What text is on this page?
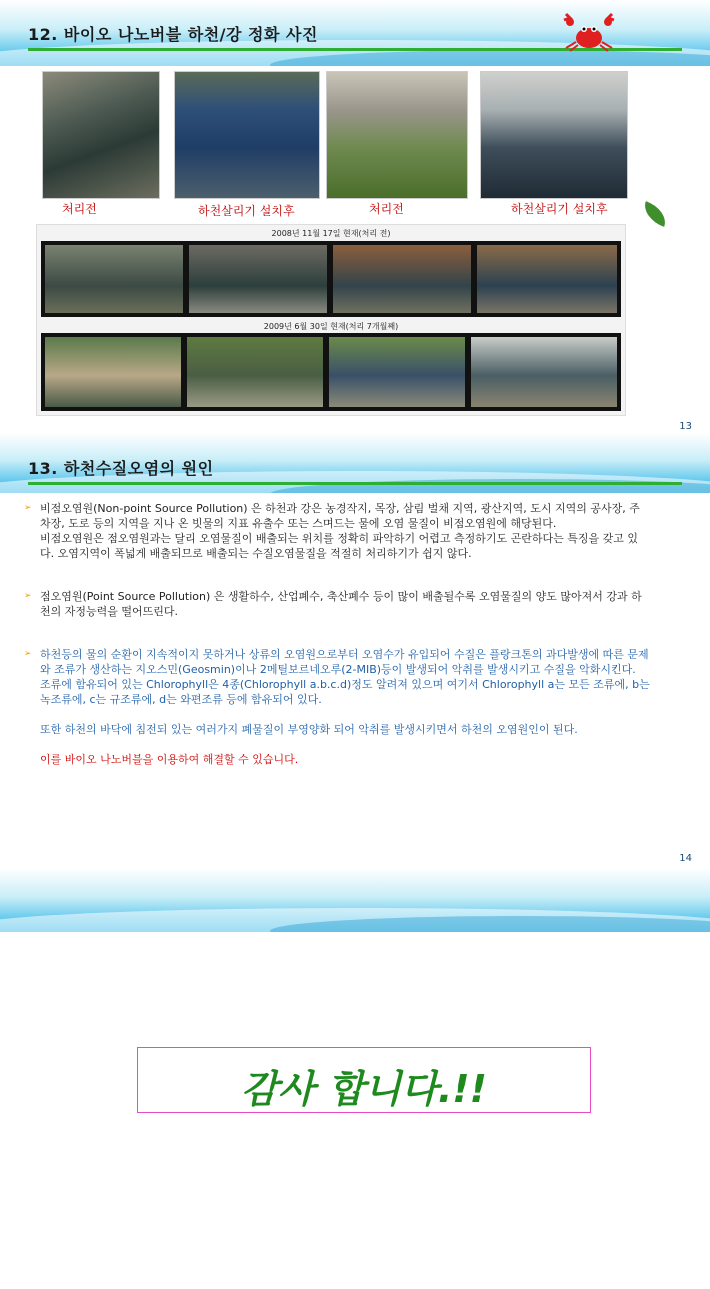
12. 바이오 나노버블 하천/강 정화 사진
처리전	하천살리기 설치후	처리전	하천살리기 설치후
2008년 11월 17일 현재(처리 전)
2009년 6월 30일 현재(처리 7개월째)
13
13. 하천수질오염의 원인
➢ 비점오염원(Non-point Source Pollution) 은 하천과 강은 농경작지, 목장, 삼림 벌채 지역, 광산지역, 도시 지역의 공사장, 주차장, 도로 등의 지역을 지나 온 빗물의 지표 유출수 또는 스며드는 물에 오염 물질이 비점오염원에 해당된다.
비점오염원은 점오염원과는 달리 오염물질이 배출되는 위치를 정확히 파악하기 어렵고 측정하기도 곤란하다는 특징을 갖고 있다. 오염지역이 폭넓게 배출되므로 배출되는 수질오염물질을 적절히 처리하기가 쉽지 않다.
➢ 점오염원(Point Source Pollution) 은 생활하수, 산업폐수, 축산폐수 등이 많이 배출될수록 오염물질의 양도 많아져서 강과 하천의 자정능력을 떨어뜨린다.
➢ 하천등의 물의 순환이 지속적이지 못하거나 상류의 오염원으로부터 오염수가 유입되어 수질은 플랑크톤의 과다발생에 따른 문제와 조류가 생산하는 지오스민(Geosmin)이나 2메틸보르네오루(2-MIB)등이 발생되어 악취를 발생시키고 수질을 악화시킨다.
조류에 함유되어 있는 Chlorophyll은 4종(Chlorophyll a.b.c.d)정도 알려져 있으며 여기서 Chlorophyll a는 모든 조류에, b는 녹조류에, c는 규조류에, d는 와편조류 등에 함유되어 있다.

또한 하천의 바닥에 침전되 있는 여러가지 폐물질이 부영양화 되어 악취를 발생시키면서 하천의 오염원인이 된다.

이를 바이오 나노버블을 이용하여 해결할 수 있습니다.
14
감사 합니다.!!
